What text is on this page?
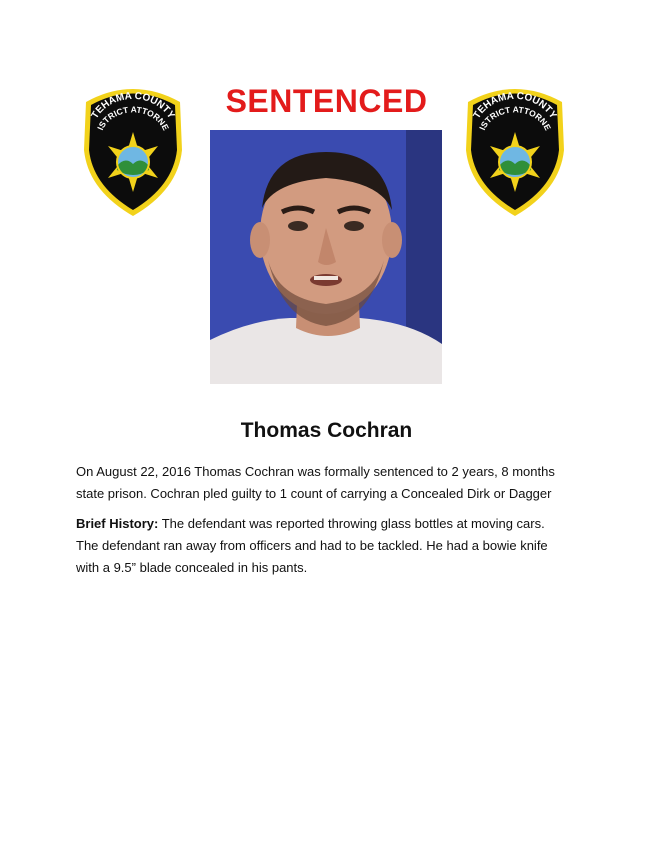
TEHAMA COUNTY
ISTRICT ATTORNE
SENTENCED	TEHAMA COUNTY
ISTRICT ATTORNE
Thomas Cochran
On August 22, 2016 Thomas Cochran was formally sentenced to 2 years, 8 months
state prison. Cochran pled guilty to 1 count of carrying a Concealed Dirk or Dagger
Brief History: The defendant was reported throwing glass bottles at moving cars.
The defendant ran away from officers and had to be tackled. He had a bowie knife
with a 9.5” blade concealed in his pants.
